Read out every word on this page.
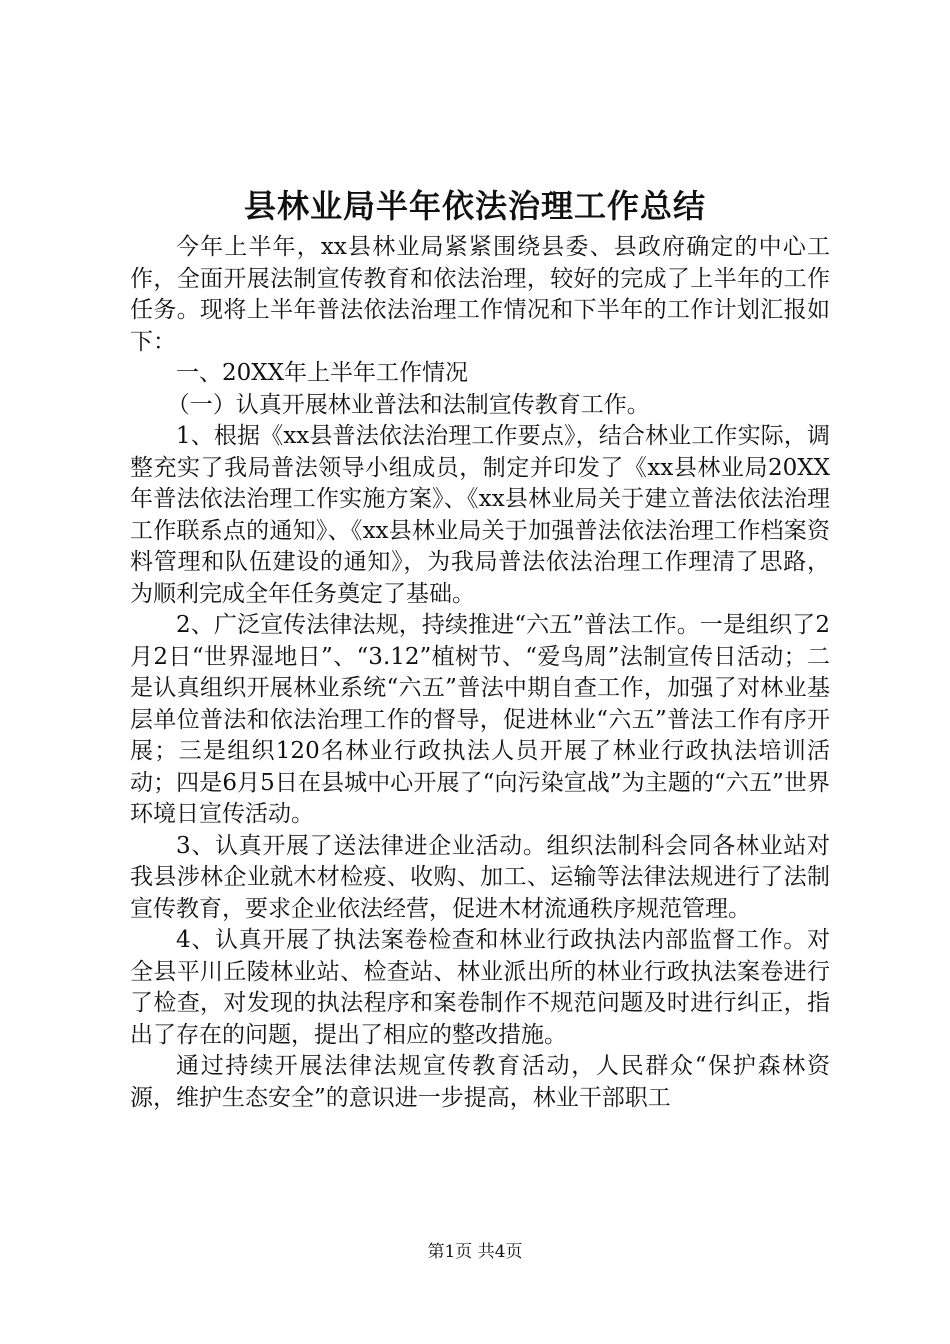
县林业局半年依法治理工作总结

今年上半年，xx县林业局紧紧围绕县委、县政府确定的中心工作，全面开展法制宣传教育和依法治理，较好的完成了上半年的工作任务。现将上半年普法依法治理工作情况和下半年的工作计划汇报如下：

一、20XX年上半年工作情况

（一）认真开展林业普法和法制宣传教育工作。

1、根据《xx县普法依法治理工作要点》，结合林业工作实际，调整充实了我局普法领导小组成员，制定并印发了《xx县林业局20XX年普法依法治理工作实施方案》、《xx县林业局关于建立普法依法治理工作联系点的通知》、《xx县林业局关于加强普法依法治理工作档案资料管理和队伍建设的通知》，为我局普法依法治理工作理清了思路，为顺利完成全年任务奠定了基础。

2、广泛宣传法律法规，持续推进“六五”普法工作。一是组织了2月2日“世界湿地日”、“3.12”植树节、“爱鸟周”法制宣传日活动；二是认真组织开展林业系统“六五”普法中期自查工作，加强了对林业基层单位普法和依法治理工作的督导，促进林业“六五”普法工作有序开展；三是组织120名林业行政执法人员开展了林业行政执法培训活动；四是6月5日在县城中心开展了“向污染宣战”为主题的“六五”世界环境日宣传活动。

3、认真开展了送法律进企业活动。组织法制科会同各林业站对我县涉林企业就木材检疫、收购、加工、运输等法律法规进行了法制宣传教育，要求企业依法经营，促进木材流通秩序规范管理。

4、认真开展了执法案卷检查和林业行政执法内部监督工作。对全县平川丘陵林业站、检查站、林业派出所的林业行政执法案卷进行了检查，对发现的执法程序和案卷制作不规范问题及时进行纠正，指出了存在的问题，提出了相应的整改措施。

通过持续开展法律法规宣传教育活动，人民群众“保护森林资源，维护生态安全”的意识进一步提高，林业干部职工

第1页 共4页
